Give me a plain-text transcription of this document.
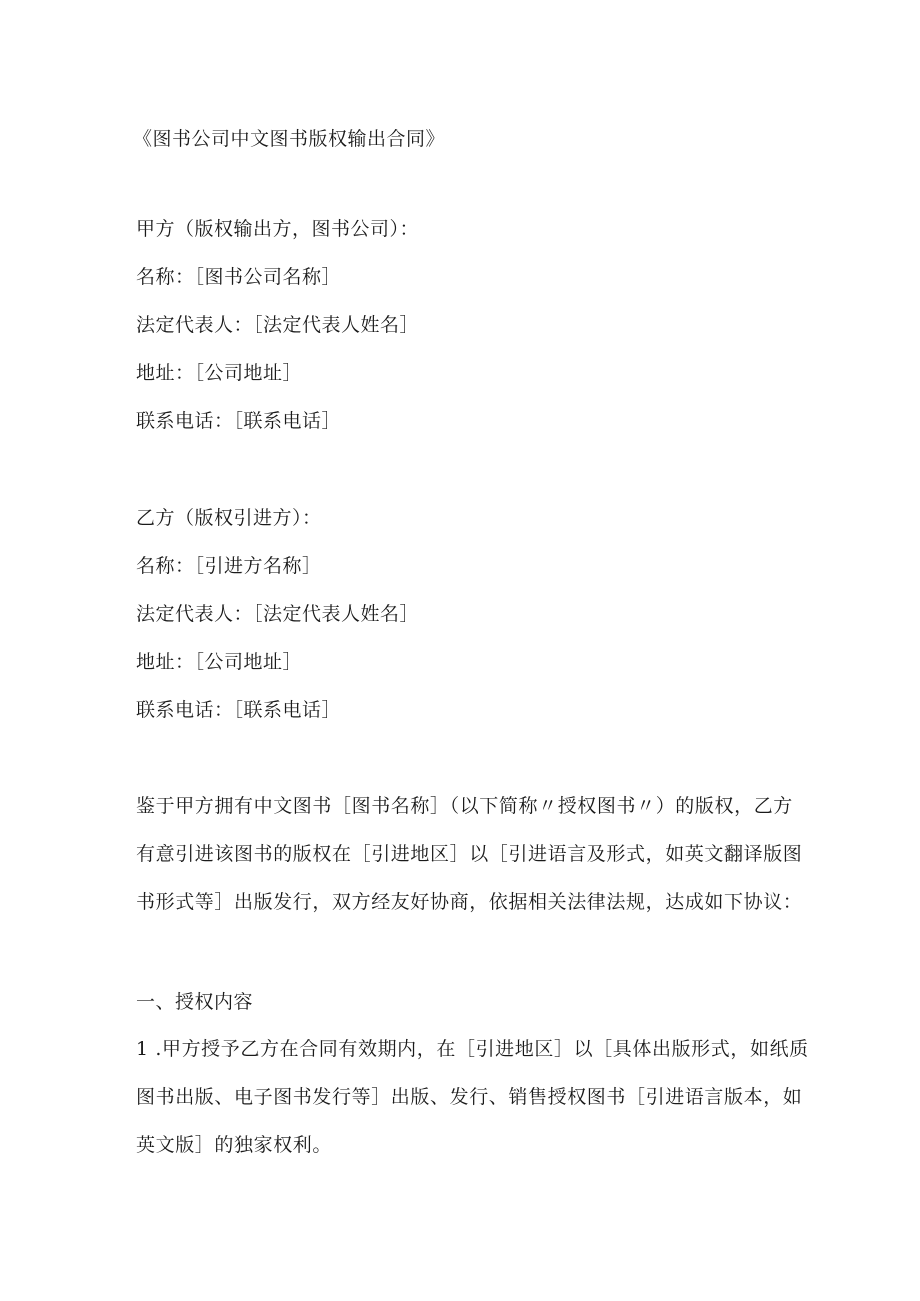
《图书公司中文图书版权输出合同》
甲方（版权输出方，图书公司）：
名称：［图书公司名称］
法定代表人：［法定代表人姓名］
地址：［公司地址］
联系电话：［联系电话］
乙方（版权引进方）：
名称：［引进方名称］
法定代表人：［法定代表人姓名］
地址：［公司地址］
联系电话：［联系电话］
鉴于甲方拥有中文图书［图书名称］（以下简称〃授权图书〃）的版权，乙方
有意引进该图书的版权在［引进地区］以［引进语言及形式，如英文翻译版图
书形式等］出版发行，双方经友好协商，依据相关法律法规，达成如下协议：
一、授权内容
1 .甲方授予乙方在合同有效期内，在［引进地区］以［具体出版形式，如纸质
图书出版、电子图书发行等］出版、发行、销售授权图书［引进语言版本，如
英文版］的独家权利。
